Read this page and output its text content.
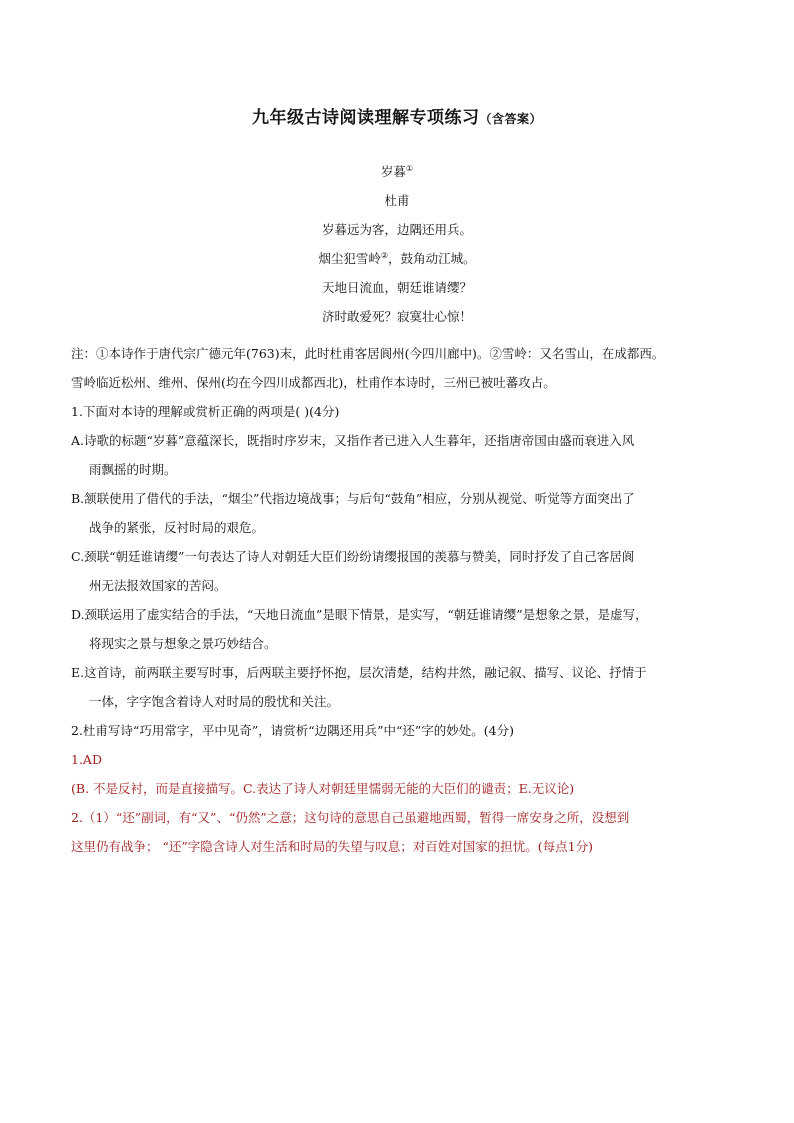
九年级古诗阅读理解专项练习（含答案）
岁暮①
杜甫
岁暮远为客，边隅还用兵。
烟尘犯雪岭②，鼓角动江城。
天地日流血，朝廷谁请缨？
济时敢爱死？寂寞壮心惊！
注：①本诗作于唐代宗广德元年(763)末，此时杜甫客居阆州(今四川廊中)。②雪岭：又名雪山，在成都西。
雪岭临近松州、维州、保州(均在今四川成都西北)，杜甫作本诗时，三州已被吐蕃攻占。
1.下面对本诗的理解或赏析正确的两项是( )(4分)
A.诗歌的标题“岁暮”意蕴深长，既指时序岁末，又指作者已进入人生暮年，还指唐帝国由盛而衰进入风
雨飘摇的时期。
B.颔联使用了借代的手法，“烟尘”代指边境战事；与后句“鼓角”相应，分别从视觉、听觉等方面突出了
战争的紧张，反衬时局的艰危。
C.颈联“朝廷谁请缨”一句表达了诗人对朝廷大臣们纷纷请缨报国的羡慕与赞美，同时抒发了自己客居阆
州无法报效国家的苦闷。
D.颈联运用了虚实结合的手法，“天地日流血”是眼下情景，是实写，“朝廷谁请缨”是想象之景，是虚写，
将现实之景与想象之景巧妙结合。
E.这首诗，前两联主要写时事，后两联主要抒怀抱，层次清楚，结构井然，融记叙、描写、议论、抒情于
一体，字字饱含着诗人对时局的殷忧和关注。
2.杜甫写诗“巧用常字，平中见奇”，请赏析“边隅还用兵”中“还”字的妙处。(4分)
1.AD
(B. 不是反衬，而是直接描写。C.表达了诗人对朝廷里懦弱无能的大臣们的谴责；E.无议论)
2.（1）“还”副词，有“又”、“仍然”之意；这句诗的意思自己虽避地西蜀，暂得一席安身之所，没想到
这里仍有战争； “还”字隐含诗人对生活和时局的失望与叹息；对百姓对国家的担忧。(每点1分)
